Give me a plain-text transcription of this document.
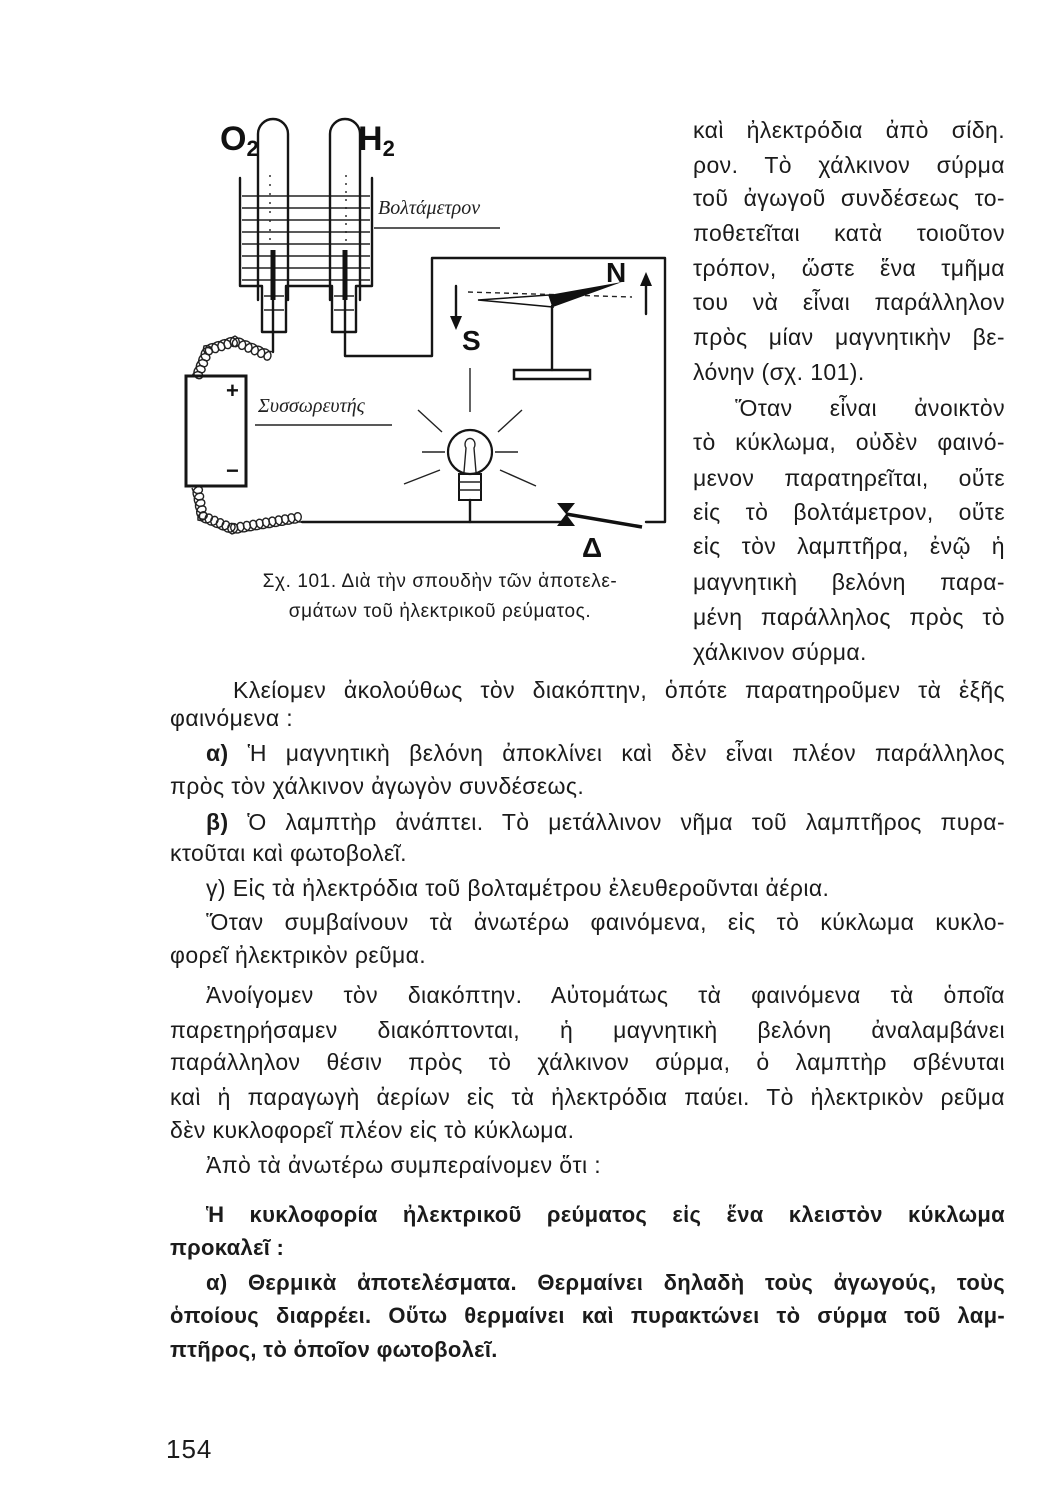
O2	H2
Βολτάμετρον
+
−
Συσσωρευτής
N
S
Δ
Σχ. 101. Διὰ τὴν σπουδὴν τῶν ἀποτελε-
σμάτων τοῦ ἠλεκτρικοῦ ρεύματος.
καὶ ἠλεκτρόδια ἀπὸ σίδη.
ρον. Τὸ χάλκινον σύρμα
τοῦ ἀγωγοῦ συνδέσεως το-
ποθετεῖται κατὰ τοιοῦτον
τρόπον, ὥστε ἕνα τμῆμα
του νὰ εἶναι παράλληλον
πρὸς μίαν μαγνητικὴν βε-
λόνην (σχ. 101).
Ὅταν εἶναι ἀνοικτὸν
τὸ κύκλωμα, οὐδὲν φαινό-
μενον παρατηρεῖται, οὔτε
εἰς τὸ βολτάμετρον, οὔτε
εἰς τὸν λαμπτῆρα, ἐνῷ ἡ
μαγνητικὴ βελόνη παρα-
μένη παράλληλος πρὸς τὸ
χάλκινον σύρμα.
Κλείομεν ἀκολούθως τὸν διακόπτην, ὁπότε παρατηροῦμεν τὰ ἑξῆς
φαινόμενα :
α) Ἡ μαγνητικὴ βελόνη ἀποκλίνει καὶ δὲν εἶναι πλέον παράλληλος
πρὸς τὸν χάλκινον ἀγωγὸν συνδέσεως.
β) Ὁ λαμπτὴρ ἀνάπτει. Τὸ μετάλλινον νῆμα τοῦ λαμπτῆρος πυρα-
κτοῦται καὶ φωτοβολεῖ.
γ) Εἰς τὰ ἠλεκτρόδια τοῦ βολταμέτρου ἐλευθεροῦνται ἀέρια.
Ὅταν συμβαίνουν τὰ ἀνωτέρω φαινόμενα, εἰς τὸ κύκλωμα κυκλο-
φορεῖ ἠλεκτρικὸν ρεῦμα.
Ἀνοίγομεν τὸν διακόπτην. Αὐτομάτως τὰ φαινόμενα τὰ ὁποῖα
παρετηρήσαμεν διακόπτονται, ἡ μαγνητικὴ βελόνη ἀναλαμβάνει
παράλληλον θέσιν πρὸς τὸ χάλκινον σύρμα, ὁ λαμπτὴρ σβένυται
καὶ ἡ παραγωγὴ ἀερίων εἰς τὰ ἠλεκτρόδια παύει. Τὸ ἠλεκτρικὸν ρεῦμα
δὲν κυκλοφορεῖ πλέον εἰς τὸ κύκλωμα.
Ἀπὸ τὰ ἀνωτέρω συμπεραίνομεν ὅτι :
Ἡ κυκλοφορία ἠλεκτρικοῦ ρεύματος εἰς ἕνα κλειστὸν κύκλωμα
προκαλεῖ :
α) Θερμικὰ ἀποτελέσματα. Θερμαίνει δηλαδὴ τοὺς ἀγωγούς, τοὺς
ὁποίους διαρρέει. Οὕτω θερμαίνει καὶ πυρακτώνει τὸ σύρμα τοῦ λαμ-
πτῆρος, τὸ ὁποῖον φωτοβολεῖ.
154
